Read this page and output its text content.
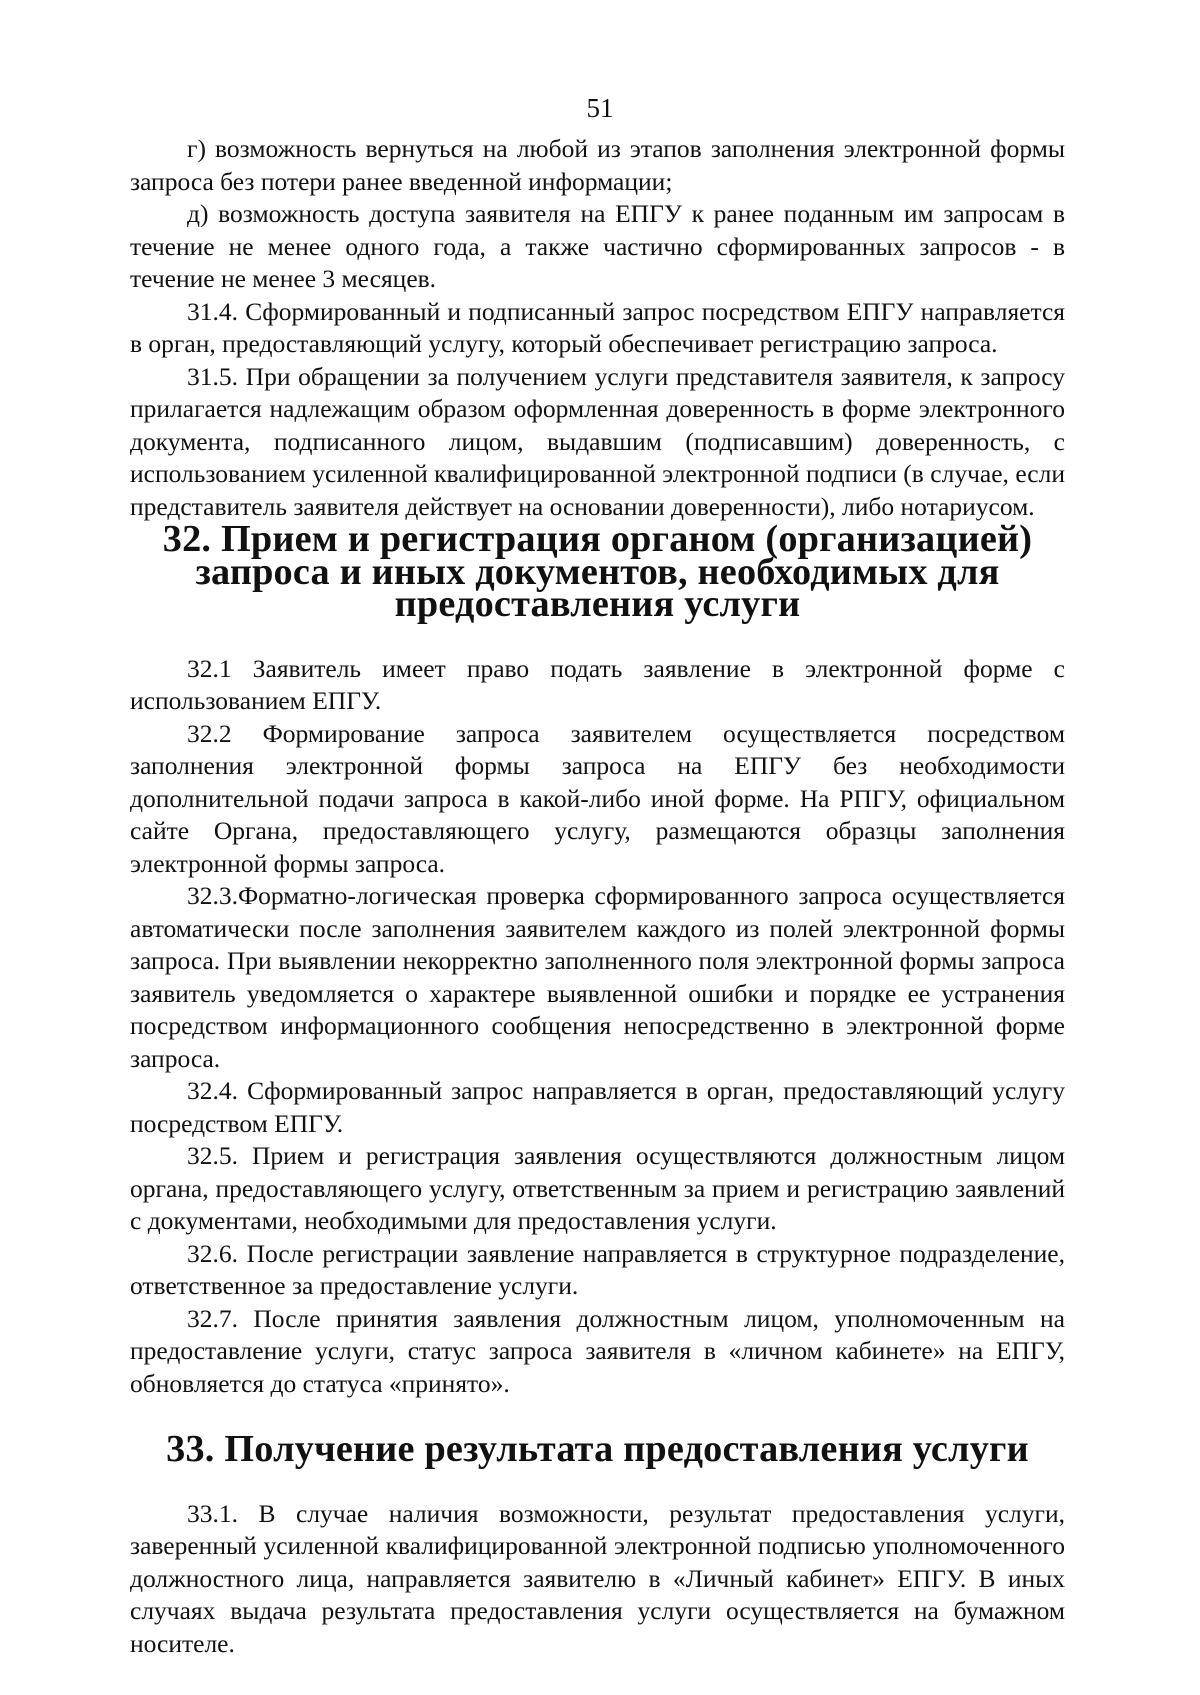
51

г) возможность вернуться на любой из этапов заполнения электронной формы запроса без потери ранее введенной информации;

д) возможность доступа заявителя на ЕПГУ к ранее поданным им запросам в течение не менее одного года, а также частично сформированных запросов - в течение не менее 3 месяцев.

31.4. Сформированный и подписанный запрос посредством ЕПГУ направляется в орган, предоставляющий услугу, который обеспечивает регистрацию запроса.

31.5. При обращении за получением услуги представителя заявителя, к запросу прилагается надлежащим образом оформленная доверенность в форме электронного документа, подписанного лицом, выдавшим (подписавшим) доверенность, с использованием усиленной квалифицированной электронной подписи (в случае, если представитель заявителя действует на основании доверенности), либо нотариусом.

32. Прием и регистрация органом (организацией) запроса и иных документов, необходимых для предоставления услуги

32.1 Заявитель имеет право подать заявление в электронной форме с использованием ЕПГУ.

32.2 Формирование запроса заявителем осуществляется посредством заполнения электронной формы запроса на ЕПГУ без необходимости дополнительной подачи запроса в какой-либо иной форме. На РПГУ, официальном сайте Органа, предоставляющего услугу, размещаются образцы заполнения электронной формы запроса.

32.3.Форматно-логическая проверка сформированного запроса осуществляется автоматически после заполнения заявителем каждого из полей электронной формы запроса. При выявлении некорректно заполненного поля электронной формы запроса заявитель уведомляется о характере выявленной ошибки и порядке ее устранения посредством информационного сообщения непосредственно в электронной форме запроса.

32.4. Сформированный запрос направляется в орган, предоставляющий услугу посредством ЕПГУ.

32.5. Прием и регистрация заявления осуществляются должностным лицом органа, предоставляющего услугу, ответственным за прием и регистрацию заявлений с документами, необходимыми для предоставления услуги.

32.6. После регистрации заявление направляется в структурное подразделение, ответственное за предоставление услуги.

32.7. После принятия заявления должностным лицом, уполномоченным на предоставление услуги, статус запроса заявителя в «личном кабинете» на ЕПГУ, обновляется до статуса «принято».

33. Получение результата предоставления услуги

33.1. В случае наличия возможности, результат предоставления услуги, заверенный усиленной квалифицированной электронной подписью уполномоченного должностного лица, направляется заявителю в «Личный кабинет» ЕПГУ. В иных случаях выдача результата предоставления услуги осуществляется на бумажном носителе.
